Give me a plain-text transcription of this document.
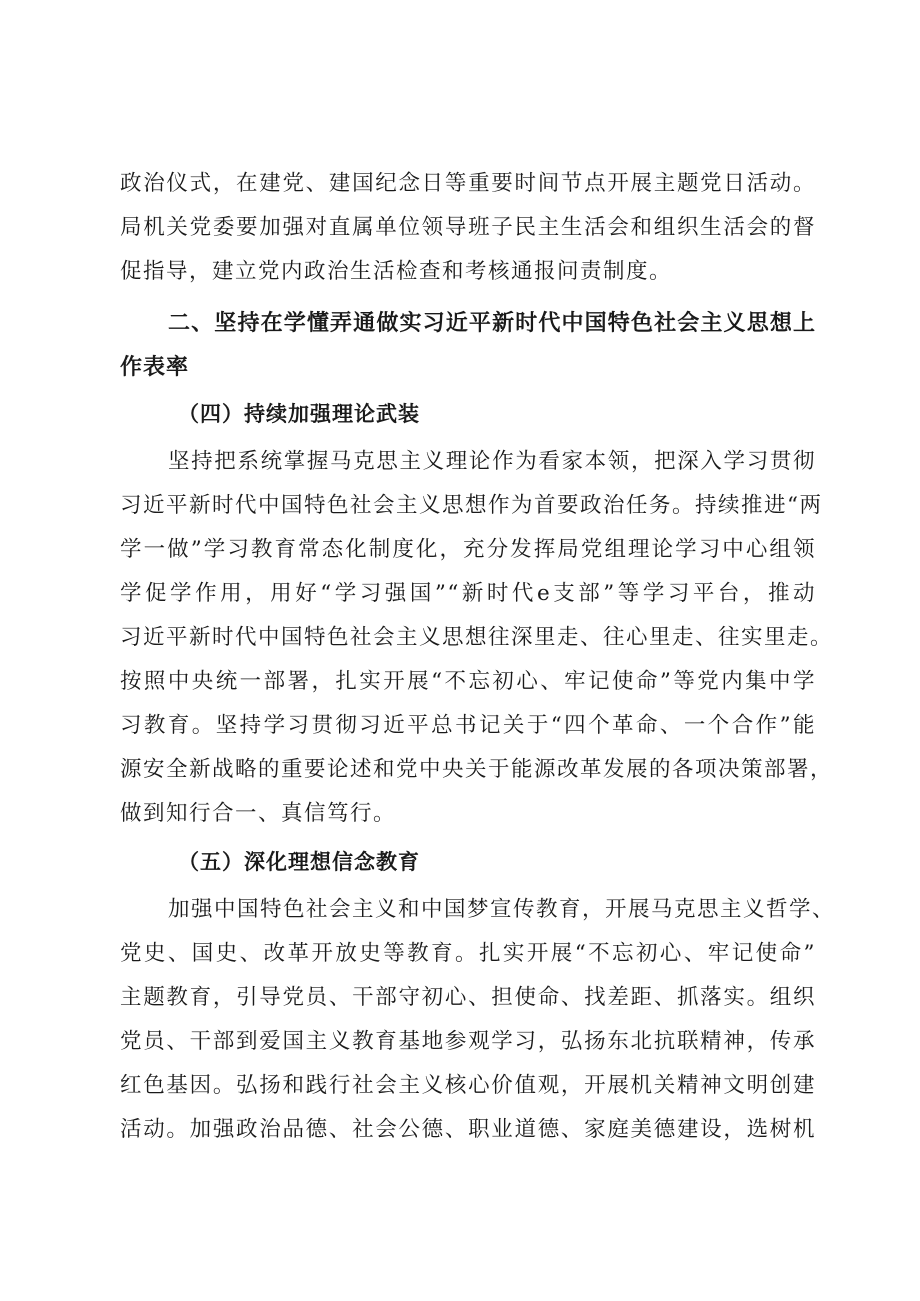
政治仪式，在建党、建国纪念日等重要时间节点开展主题党日活动。
局机关党委要加强对直属单位领导班子民主生活会和组织生活会的督
促指导，建立党内政治生活检查和考核通报问责制度。
二、坚持在学懂弄通做实习近平新时代中国特色社会主义思想上
作表率
（四）持续加强理论武装
坚持把系统掌握马克思主义理论作为看家本领，把深入学习贯彻
习近平新时代中国特色社会主义思想作为首要政治任务。持续推进“两
学一做”学习教育常态化制度化，充分发挥局党组理论学习中心组领
学促学作用，用好“学习强国”“新时代e支部”等学习平台，推动
习近平新时代中国特色社会主义思想往深里走、往心里走、往实里走。
按照中央统一部署，扎实开展“不忘初心、牢记使命”等党内集中学
习教育。坚持学习贯彻习近平总书记关于“四个革命、一个合作”能
源安全新战略的重要论述和党中央关于能源改革发展的各项决策部署，
做到知行合一、真信笃行。
（五）深化理想信念教育
加强中国特色社会主义和中国梦宣传教育，开展马克思主义哲学、
党史、国史、改革开放史等教育。扎实开展“不忘初心、牢记使命”
主题教育，引导党员、干部守初心、担使命、找差距、抓落实。组织
党员、干部到爱国主义教育基地参观学习，弘扬东北抗联精神，传承
红色基因。弘扬和践行社会主义核心价值观，开展机关精神文明创建
活动。加强政治品德、社会公德、职业道德、家庭美德建设，选树机
